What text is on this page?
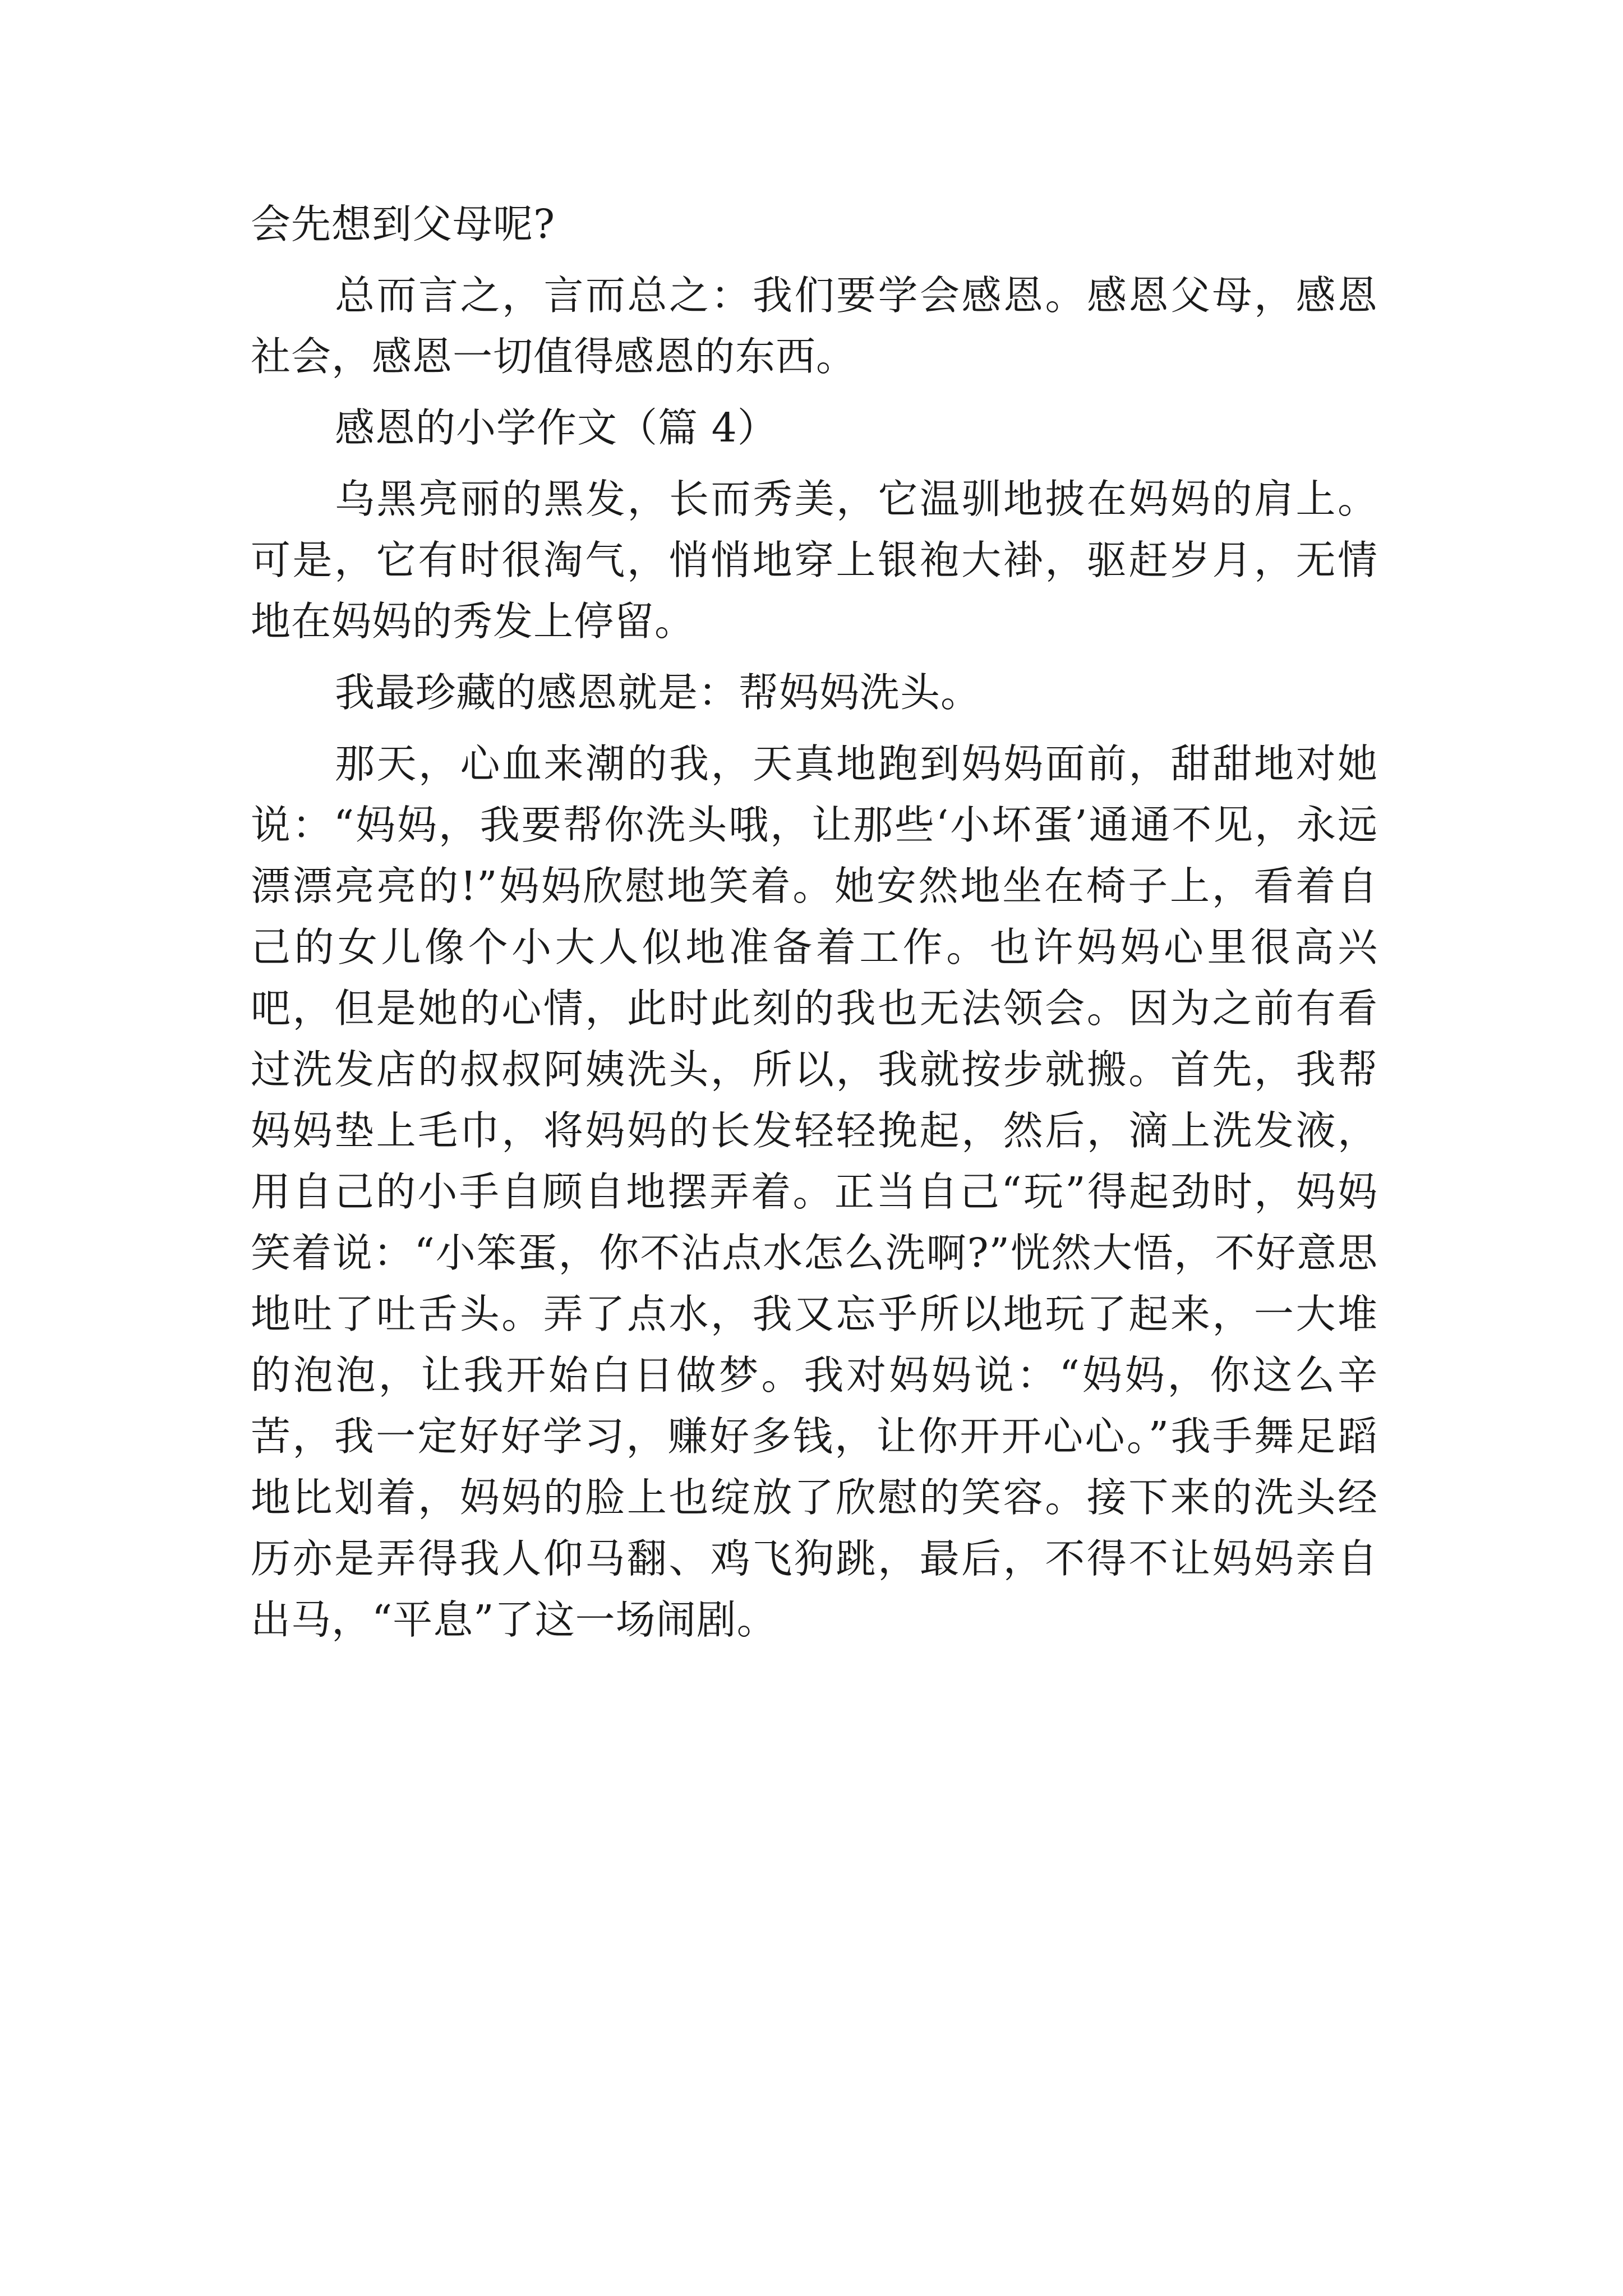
会先想到父母呢?

总而言之，言而总之：我们要学会感恩。感恩父母，感恩社会，感恩一切值得感恩的东西。

感恩的小学作文（篇 4）

乌黑亮丽的黑发，长而秀美，它温驯地披在妈妈的肩上。可是，它有时很淘气，悄悄地穿上银袍大褂，驱赶岁月，无情地在妈妈的秀发上停留。

我最珍藏的感恩就是：帮妈妈洗头。

那天，心血来潮的我，天真地跑到妈妈面前，甜甜地对她说：“妈妈，我要帮你洗头哦，让那些‘小坏蛋’通通不见，永远漂漂亮亮的!”妈妈欣慰地笑着。她安然地坐在椅子上，看着自己的女儿像个小大人似地准备着工作。也许妈妈心里很高兴吧，但是她的心情，此时此刻的我也无法领会。因为之前有看过洗发店的叔叔阿姨洗头，所以，我就按步就搬。首先，我帮妈妈垫上毛巾，将妈妈的长发轻轻挽起，然后，滴上洗发液，用自己的小手自顾自地摆弄着。正当自己“玩”得起劲时，妈妈笑着说：“小笨蛋，你不沾点水怎么洗啊?”恍然大悟，不好意思地吐了吐舌头。弄了点水，我又忘乎所以地玩了起来，一大堆的泡泡，让我开始白日做梦。我对妈妈说：“妈妈，你这么辛苦，我一定好好学习，赚好多钱，让你开开心心。”我手舞足蹈地比划着，妈妈的脸上也绽放了欣慰的笑容。接下来的洗头经历亦是弄得我人仰马翻、鸡飞狗跳，最后，不得不让妈妈亲自出马，“平息”了这一场闹剧。
